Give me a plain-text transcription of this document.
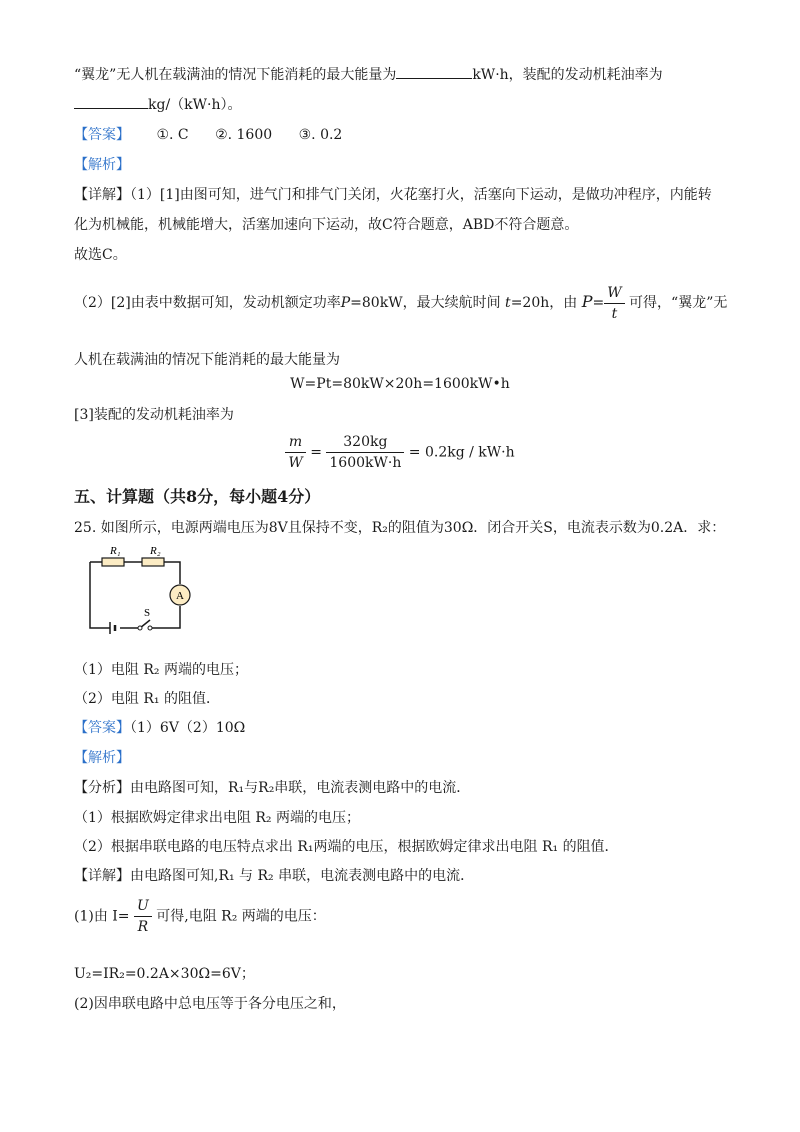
“翼龙”无人机在载满油的情况下能消耗的最大能量为	kW·h，装配的发动机耗油率为
kg/（kW·h）。
【答案】 ①. C ②. 1600 ③. 0.2
【解析】
【详解】（1）[1]由图可知，进气门和排气门关闭，火花塞打火，活塞向下运动，是做功冲程序，内能转
化为机械能，机械能增大，活塞加速向下运动，故C符合题意，ABD不符合题意。
故选C。
（2）[2]由表中数据可知，发动机额定功率P=80kW，最大续航时间 t=20h，由 $P= \frac{W}{t}$ 可得，“翼龙”无
人机在载满油的情况下能消耗的最大能量为
W=Pt=80kW×20h=1600kW•h
[3]装配的发动机耗油率为
$\frac{m}{W} = \frac{320kg}{1600kW\cdot h} = 0.2kg / kW\cdot h$
五、计算题（共8分，每小题4分）
25. 如图所示，电源两端电压为8V且保持不变，R₂的阻值为30Ω．闭合开关S，电流表示数为0.2A．求：
R₁	R₂
A
S
（1）电阻 R₂ 两端的电压；
（2）电阻 R₁ 的阻值．
【答案】（1）6V（2）10Ω
【解析】
【分析】由电路图可知，R₁与R₂串联，电流表测电路中的电流．
（1）根据欧姆定律求出电阻 R₂ 两端的电压；
（2）根据串联电路的电压特点求出 R₁两端的电压，根据欧姆定律求出电阻 R₁ 的阻值．
【详解】由电路图可知,R₁ 与 R₂ 串联，电流表测电路中的电流．
(1)由 $I= \frac{U}{R}$ 可得,电阻 R₂ 两端的电压：
U₂=IR₂=0.2A×30Ω=6V；
(2)因串联电路中总电压等于各分电压之和，
